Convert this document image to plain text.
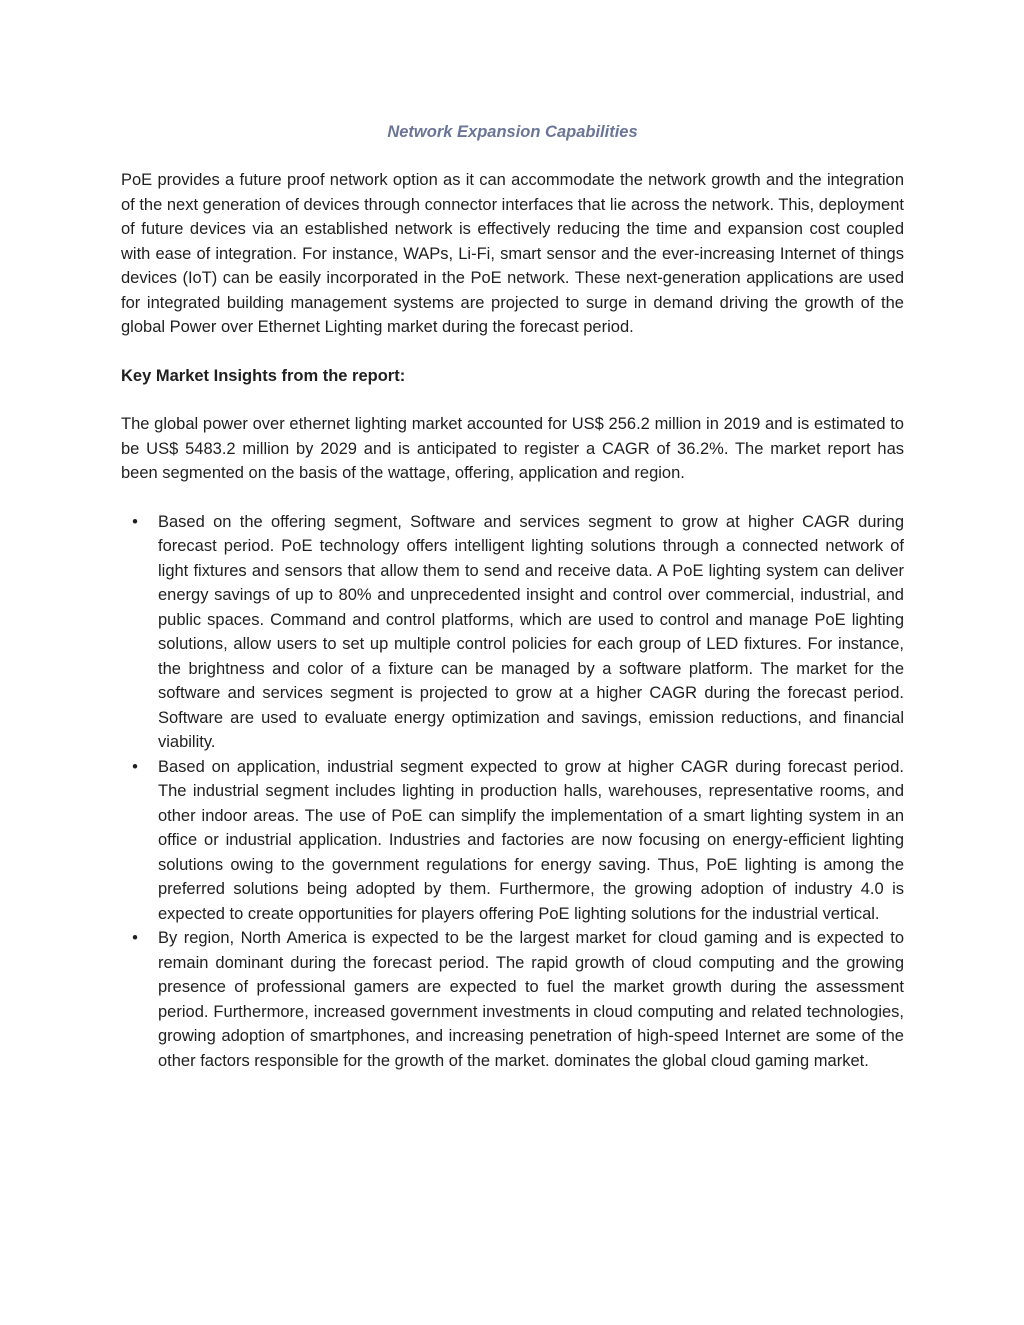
Network Expansion Capabilities

PoE provides a future proof network option as it can accommodate the network growth and the integration of the next generation of devices through connector interfaces that lie across the network. This, deployment of future devices via an established network is effectively reducing the time and expansion cost coupled with ease of integration. For instance, WAPs, Li-Fi, smart sensor and the ever-increasing Internet of things devices (IoT) can be easily incorporated in the PoE network. These next-generation applications are used for integrated building management systems are projected to surge in demand driving the growth of the global Power over Ethernet Lighting market during the forecast period.

Key Market Insights from the report:

The global power over ethernet lighting market accounted for US$ 256.2 million in 2019 and is estimated to be US$ 5483.2 million by 2029 and is anticipated to register a CAGR of 36.2%. The market report has been segmented on the basis of the wattage, offering, application and region.

• Based on the offering segment, Software and services segment to grow at higher CAGR during forecast period. PoE technology offers intelligent lighting solutions through a connected network of light fixtures and sensors that allow them to send and receive data. A PoE lighting system can deliver energy savings of up to 80% and unprecedented insight and control over commercial, industrial, and public spaces. Command and control platforms, which are used to control and manage PoE lighting solutions, allow users to set up multiple control policies for each group of LED fixtures. For instance, the brightness and color of a fixture can be managed by a software platform. The market for the software and services segment is projected to grow at a higher CAGR during the forecast period. Software are used to evaluate energy optimization and savings, emission reductions, and financial viability.
• Based on application, industrial segment expected to grow at higher CAGR during forecast period. The industrial segment includes lighting in production halls, warehouses, representative rooms, and other indoor areas. The use of PoE can simplify the implementation of a smart lighting system in an office or industrial application. Industries and factories are now focusing on energy-efficient lighting solutions owing to the government regulations for energy saving. Thus, PoE lighting is among the preferred solutions being adopted by them. Furthermore, the growing adoption of industry 4.0 is expected to create opportunities for players offering PoE lighting solutions for the industrial vertical.
• By region, North America is expected to be the largest market for cloud gaming and is expected to remain dominant during the forecast period. The rapid growth of cloud computing and the growing presence of professional gamers are expected to fuel the market growth during the assessment period. Furthermore, increased government investments in cloud computing and related technologies, growing adoption of smartphones, and increasing penetration of high-speed Internet are some of the other factors responsible for the growth of the market. dominates the global cloud gaming market.
